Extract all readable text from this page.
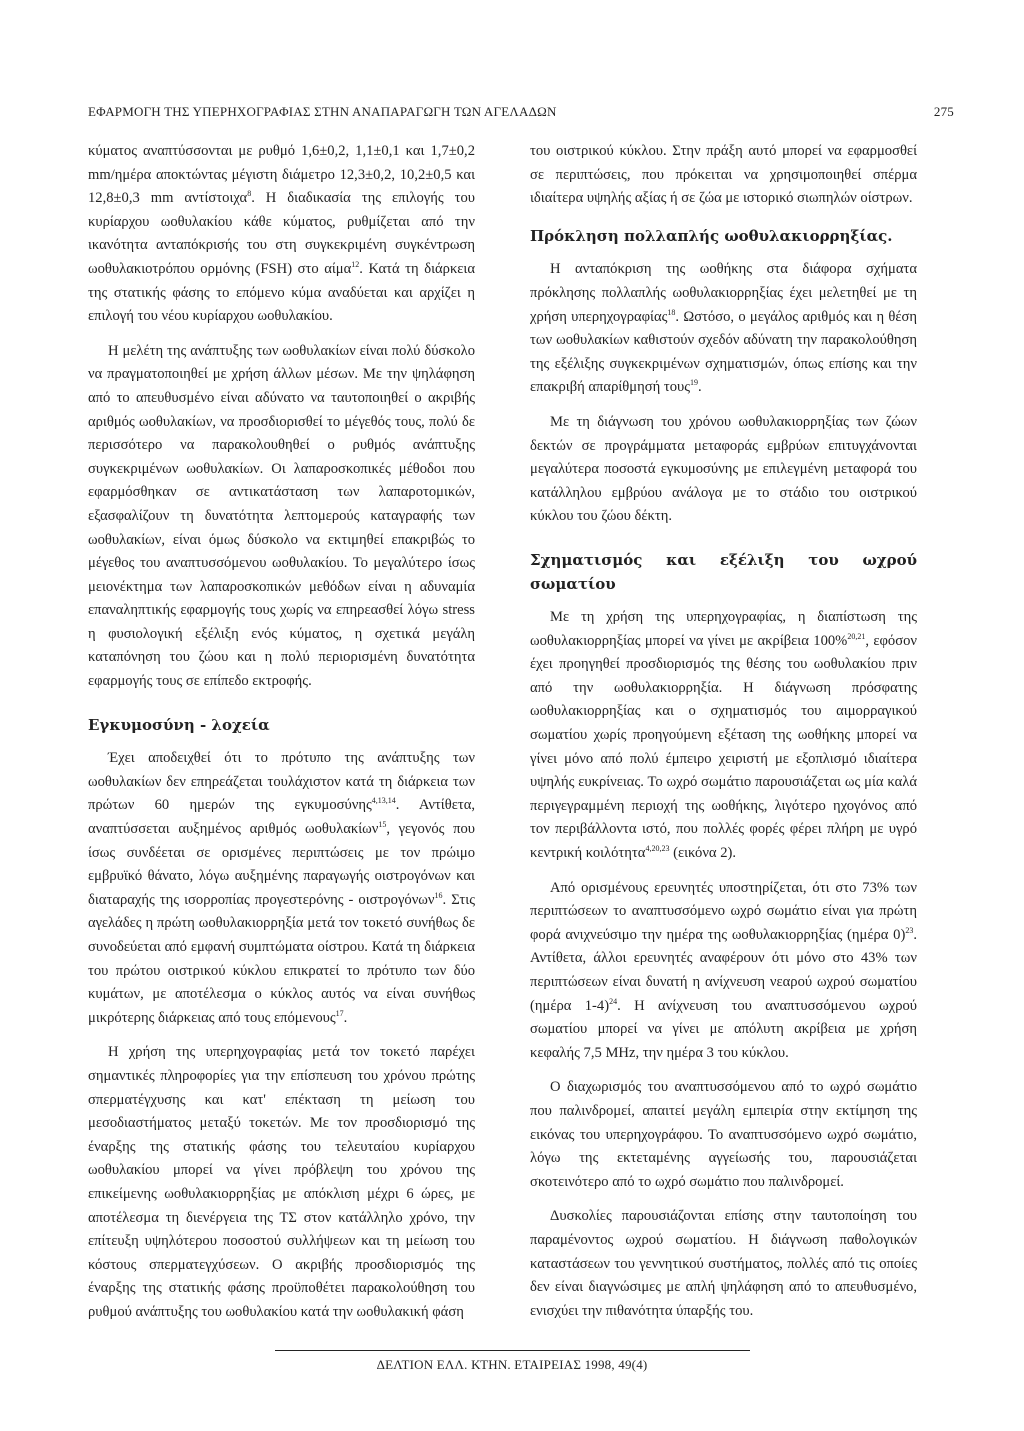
ΕΦΑΡΜΟΓΗ ΤΗΣ ΥΠΕΡΗΧΟΓΡΑΦΙΑΣ ΣΤΗΝ ΑΝΑΠΑΡΑΓΩΓΗ ΤΩΝ ΑΓΕΛΑΔΩΝ	275

κύματος αναπτύσσονται με ρυθμό 1,6±0,2, 1,1±0,1 και 1,7±0,2 mm/ημέρα αποκτώντας μέγιστη διάμετρο 12,3±0,2, 10,2±0,5 και 12,8±0,3 mm αντίστοιχα$^8$. Η διαδικασία της επιλογής του κυρίαρχου ωοθυλακίου κάθε κύματος, ρυθμίζεται από την ικανότητα ανταπόκρισής του στη συγκεκριμένη συγκέντρωση ωοθυλακιοτρόπου ορμόνης (FSH) στο αίμα$^{12}$. Κατά τη διάρκεια της στατικής φάσης το επόμενο κύμα αναδύεται και αρχίζει η επιλογή του νέου κυρίαρχου ωοθυλακίου.

Η μελέτη της ανάπτυξης των ωοθυλακίων είναι πολύ δύσκολο να πραγματοποιηθεί με χρήση άλλων μέσων. Με την ψηλάφηση από το απευθυσμένο είναι αδύνατο να ταυτοποιηθεί ο ακριβής αριθμός ωοθυλακίων, να προσδιορισθεί το μέγεθός τους, πολύ δε περισσότερο να παρακολουθηθεί ο ρυθμός ανάπτυξης συγκεκριμένων ωοθυλακίων. Οι λαπαροσκοπικές μέθοδοι που εφαρμόσθηκαν σε αντικατάσταση των λαπαροτομικών, εξασφαλίζουν τη δυνατότητα λεπτομερούς καταγραφής των ωοθυλακίων, είναι όμως δύσκολο να εκτιμηθεί επακριβώς το μέγεθος του αναπτυσσόμενου ωοθυλακίου. Το μεγαλύτερο ίσως μειονέκτημα των λαπαροσκοπικών μεθόδων είναι η αδυναμία επαναληπτικής εφαρμογής τους χωρίς να επηρεασθεί λόγω stress η φυσιολογική εξέλιξη ενός κύματος, η σχετικά μεγάλη καταπόνηση του ζώου και η πολύ περιορισμένη δυνατότητα εφαρμογής τους σε επίπεδο εκτροφής.

Εγκυμοσύνη - λοχεία

Έχει αποδειχθεί ότι το πρότυπο της ανάπτυξης των ωοθυλακίων δεν επηρεάζεται τουλάχιστον κατά τη διάρκεια των πρώτων 60 ημερών της εγκυμοσύνης$^{4,13,14}$. Αντίθετα, αναπτύσσεται αυξημένος αριθμός ωοθυλακίων$^{15}$, γεγονός που ίσως συνδέεται σε ορισμένες περιπτώσεις με τον πρώιμο εμβρυϊκό θάνατο, λόγω αυξημένης παραγωγής οιστρογόνων και διαταραχής της ισορροπίας προγεστερόνης - οιστρογόνων$^{16}$. Στις αγελάδες η πρώτη ωοθυλακιορρηξία μετά τον τοκετό συνήθως δε συνοδεύεται από εμφανή συμπτώματα οίστρου. Κατά τη διάρκεια του πρώτου οιστρικού κύκλου επικρατεί το πρότυπο των δύο κυμάτων, με αποτέλεσμα ο κύκλος αυτός να είναι συνήθως μικρότερης διάρκειας από τους επόμενους$^{17}$.

Η χρήση της υπερηχογραφίας μετά τον τοκετό παρέχει σημαντικές πληροφορίες για την επίσπευση του χρόνου πρώτης σπερματέγχυσης και κατ' επέκταση τη μείωση του μεσοδιαστήματος μεταξύ τοκετών. Με τον προσδιορισμό της έναρξης της στατικής φάσης του τελευταίου κυρίαρχου ωοθυλακίου μπορεί να γίνει πρόβλεψη του χρόνου της επικείμενης ωοθυλακιορρηξίας με απόκλιση μέχρι 6 ώρες, με αποτέλεσμα τη διενέργεια της ΤΣ στον κατάλληλο χρόνο, την επίτευξη υψηλότερου ποσοστού συλλήψεων και τη μείωση του κόστους σπερματεγχύσεων. Ο ακριβής προσδιορισμός της έναρξης της στατικής φάσης προϋποθέτει παρακολούθηση του ρυθμού ανάπτυξης του ωοθυλακίου κατά την ωοθυλακική φάση

του οιστρικού κύκλου. Στην πράξη αυτό μπορεί να εφαρμοσθεί σε περιπτώσεις, που πρόκειται να χρησιμοποιηθεί σπέρμα ιδιαίτερα υψηλής αξίας ή σε ζώα με ιστορικό σιωπηλών οίστρων.

Πρόκληση πολλαπλής ωοθυλακιορρηξίας.

Η ανταπόκριση της ωοθήκης στα διάφορα σχήματα πρόκλησης πολλαπλής ωοθυλακιορρηξίας έχει μελετηθεί με τη χρήση υπερηχογραφίας$^{18}$. Ωστόσο, ο μεγάλος αριθμός και η θέση των ωοθυλακίων καθιστούν σχεδόν αδύνατη την παρακολούθηση της εξέλιξης συγκεκριμένων σχηματισμών, όπως επίσης και την επακριβή απαρίθμησή τους$^{19}$.

Με τη διάγνωση του χρόνου ωοθυλακιορρηξίας των ζώων δεκτών σε προγράμματα μεταφοράς εμβρύων επιτυγχάνονται μεγαλύτερα ποσοστά εγκυμοσύνης με επιλεγμένη μεταφορά του κατάλληλου εμβρύου ανάλογα με το στάδιο του οιστρικού κύκλου του ζώου δέκτη.

Σχηματισμός και εξέλιξη του ωχρού σωματίου

Με τη χρήση της υπερηχογραφίας, η διαπίστωση της ωοθυλακιορρηξίας μπορεί να γίνει με ακρίβεια 100%$^{20,21}$, εφόσον έχει προηγηθεί προσδιορισμός της θέσης του ωοθυλακίου πριν από την ωοθυλακιορρηξία. Η διάγνωση πρόσφατης ωοθυλακιορρηξίας και ο σχηματισμός του αιμορραγικού σωματίου χωρίς προηγούμενη εξέταση της ωοθήκης μπορεί να γίνει μόνο από πολύ έμπειρο χειριστή με εξοπλισμό ιδιαίτερα υψηλής ευκρίνειας. Το ωχρό σωμάτιο παρουσιάζεται ως μία καλά περιγεγραμμένη περιοχή της ωοθήκης, λιγότερο ηχογόνος από τον περιβάλλοντα ιστό, που πολλές φορές φέρει πλήρη με υγρό κεντρική κοιλότητα$^{4,20,23}$ (εικόνα 2).

Από ορισμένους ερευνητές υποστηρίζεται, ότι στο 73% των περιπτώσεων το αναπτυσσόμενο ωχρό σωμάτιο είναι για πρώτη φορά ανιχνεύσιμο την ημέρα της ωοθυλακιορρηξίας (ημέρα 0)$^{23}$. Αντίθετα, άλλοι ερευνητές αναφέρουν ότι μόνο στο 43% των περιπτώσεων είναι δυνατή η ανίχνευση νεαρού ωχρού σωματίου (ημέρα 1-4)$^{24}$. Η ανίχνευση του αναπτυσσόμενου ωχρού σωματίου μπορεί να γίνει με απόλυτη ακρίβεια με χρήση κεφαλής 7,5 MHz, την ημέρα 3 του κύκλου.

Ο διαχωρισμός του αναπτυσσόμενου από το ωχρό σωμάτιο που παλινδρομεί, απαιτεί μεγάλη εμπειρία στην εκτίμηση της εικόνας του υπερηχογράφου. Το αναπτυσσόμενο ωχρό σωμάτιο, λόγω της εκτεταμένης αγγείωσής του, παρουσιάζεται σκοτεινότερο από το ωχρό σωμάτιο που παλινδρομεί.

Δυσκολίες παρουσιάζονται επίσης στην ταυτοποίηση του παραμένοντος ωχρού σωματίου. Η διάγνωση παθολογικών καταστάσεων του γεννητικού συστήματος, πολλές από τις οποίες δεν είναι διαγνώσιμες με απλή ψηλάφηση από το απευθυσμένο, ενισχύει την πιθανότητα ύπαρξής του.

ΔΕΛΤΙΟΝ ΕΛΛ. ΚΤΗΝ. ΕΤΑΙΡΕΙΑΣ 1998, 49(4)
